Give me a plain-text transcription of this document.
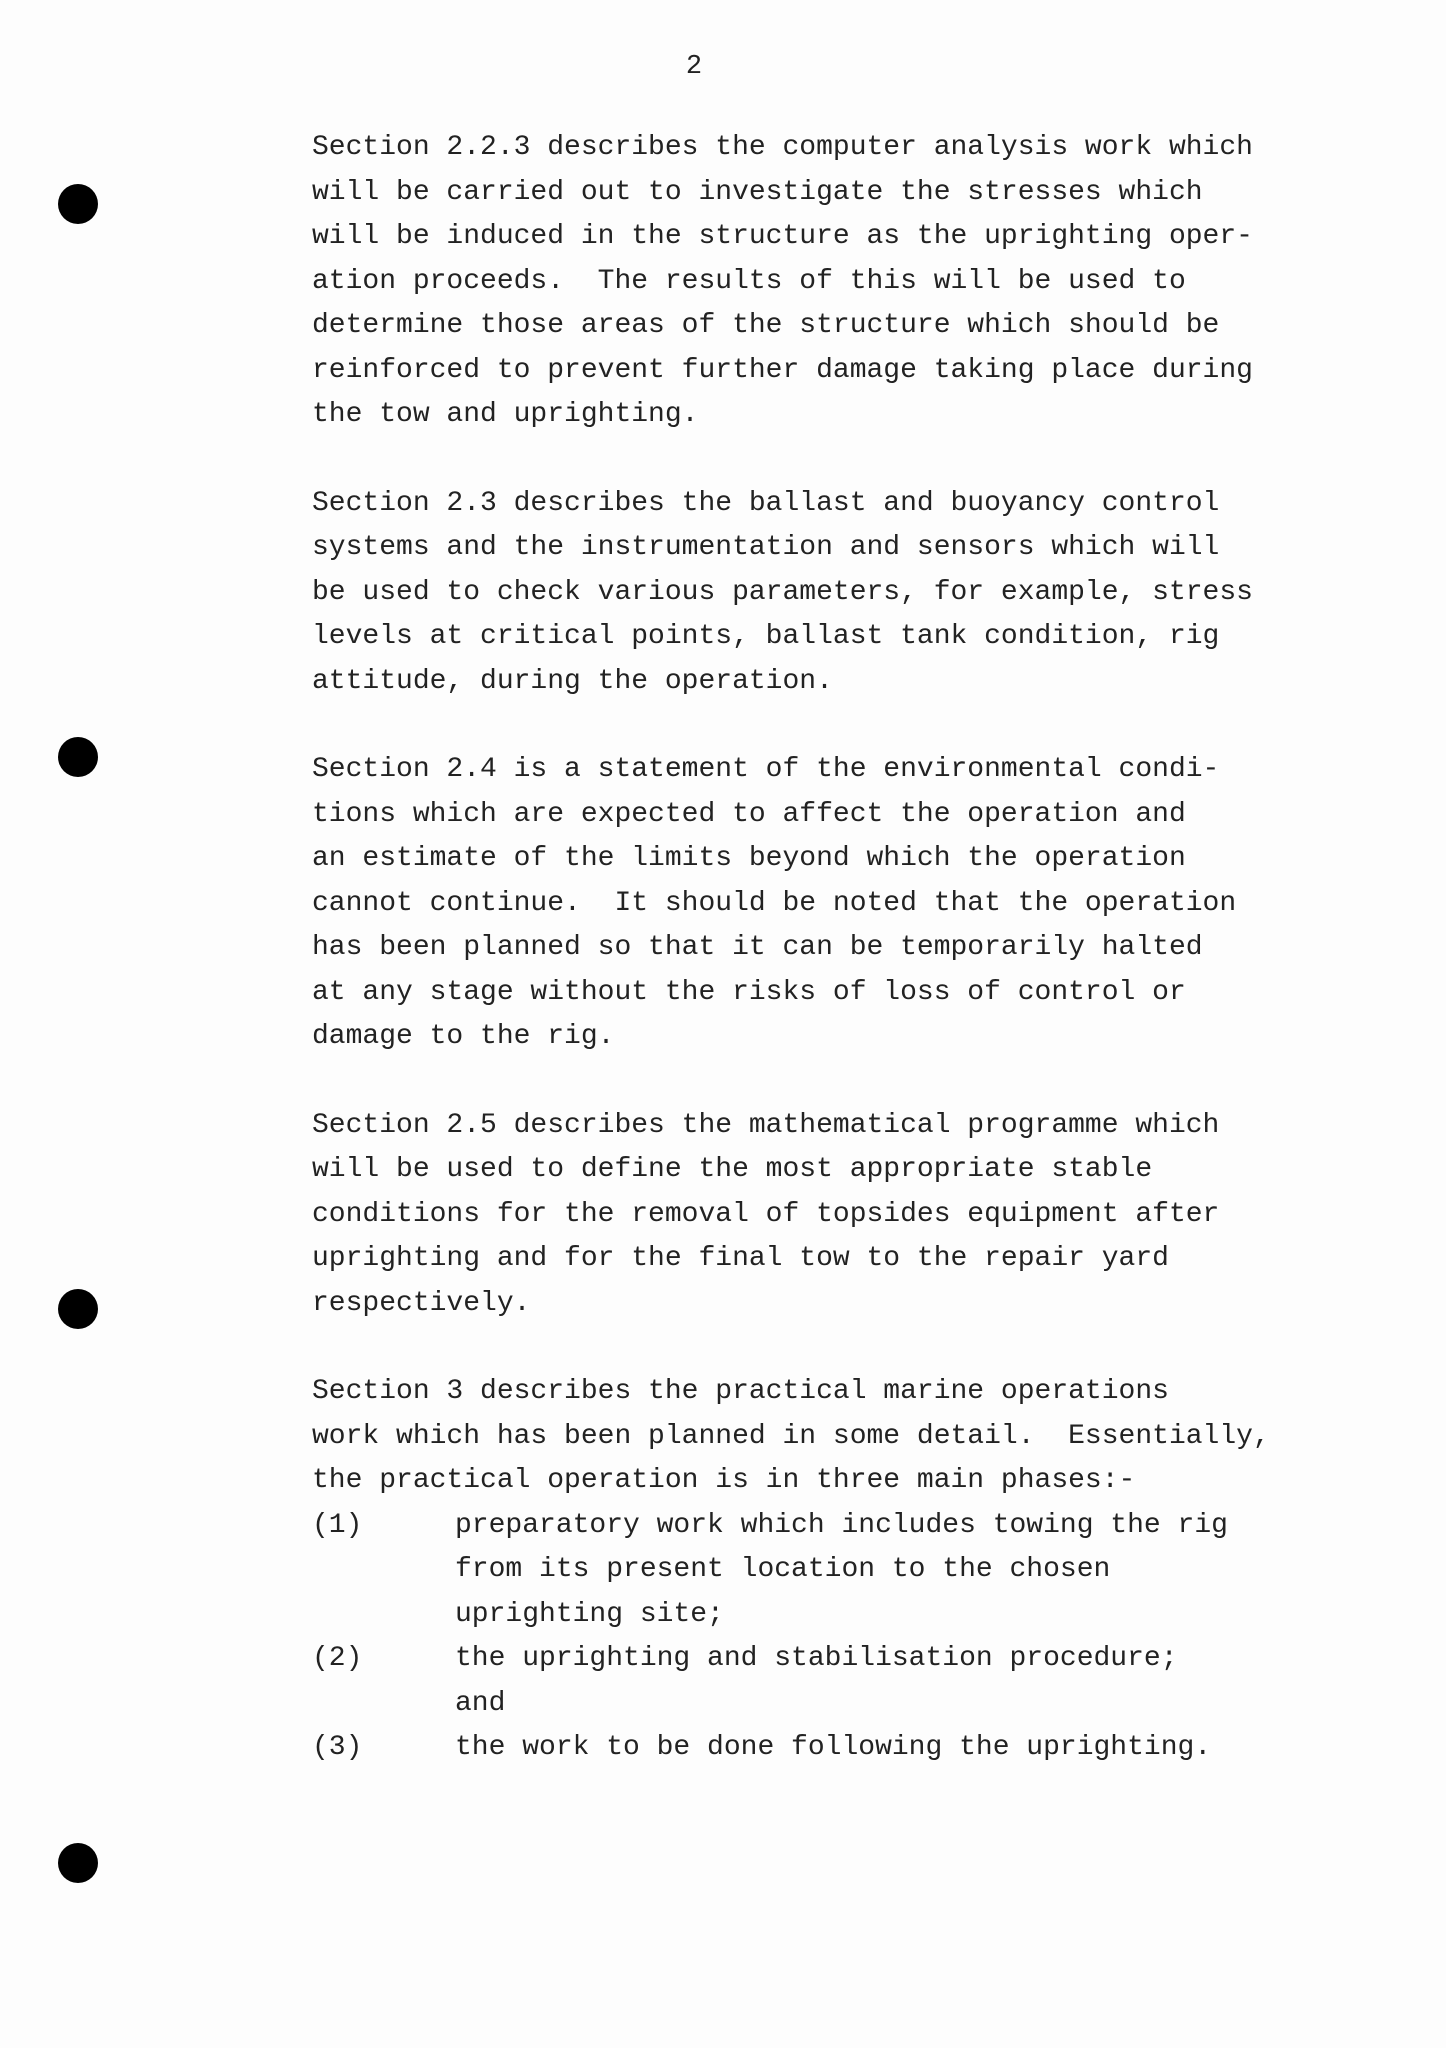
2
Section 2.2.3 describes the computer analysis work which
will be carried out to investigate the stresses which
will be induced in the structure as the uprighting oper-
ation proceeds.  The results of this will be used to
determine those areas of the structure which should be
reinforced to prevent further damage taking place during
the tow and uprighting.
Section 2.3 describes the ballast and buoyancy control
systems and the instrumentation and sensors which will
be used to check various parameters, for example, stress
levels at critical points, ballast tank condition, rig
attitude, during the operation.
Section 2.4 is a statement of the environmental condi-
tions which are expected to affect the operation and
an estimate of the limits beyond which the operation
cannot continue.  It should be noted that the operation
has been planned so that it can be temporarily halted
at any stage without the risks of loss of control or
damage to the rig.
Section 2.5 describes the mathematical programme which
will be used to define the most appropriate stable
conditions for the removal of topsides equipment after
uprighting and for the final tow to the repair yard
respectively.
Section 3 describes the practical marine operations
work which has been planned in some detail.  Essentially,
the practical operation is in three main phases:-
(1)	preparatory work which includes towing the rig
from its present location to the chosen
uprighting site;
(2)	the uprighting and stabilisation procedure;
and
(3)	the work to be done following the uprighting.
